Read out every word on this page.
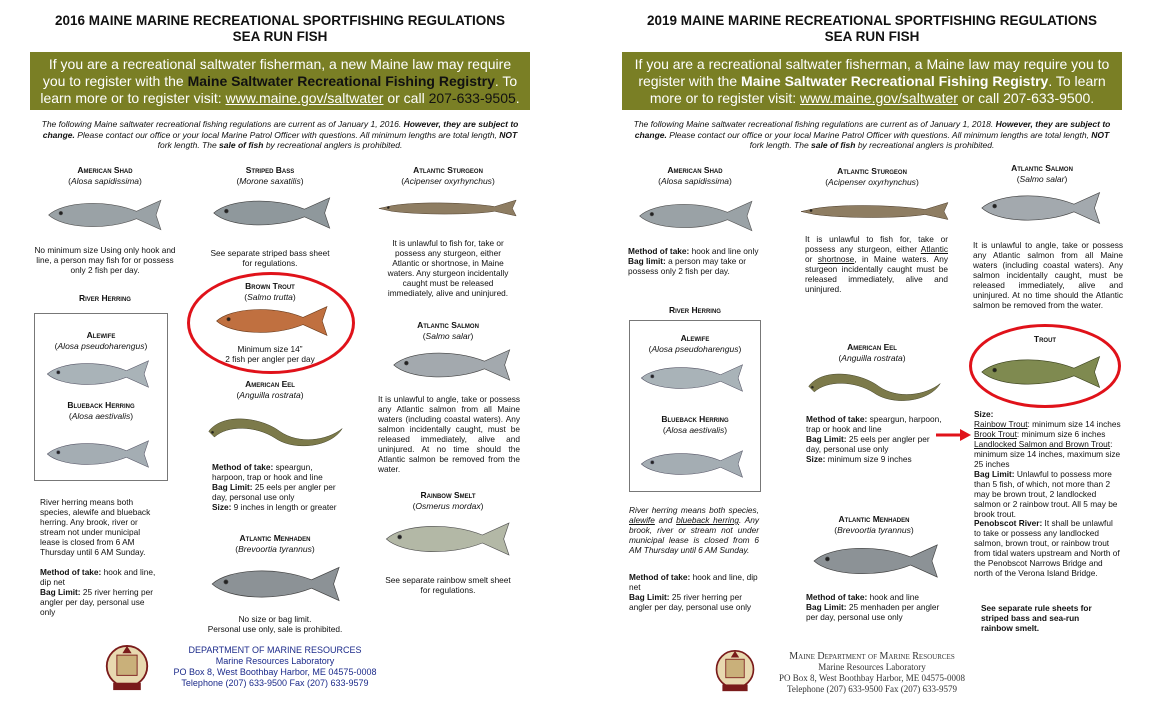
2016 MAINE MARINE RECREATIONAL SPORTFISHING REGULATIONS
SEA RUN FISH
If you are a recreational saltwater fisherman, a new Maine law may require you to register with the Maine Saltwater Recreational Fishing Registry. To learn more or to register visit: www.maine.gov/saltwater or call 207-633-9505.
The following Maine saltwater recreational fishing regulations are current as of January 1, 2016. However, they are subject to change. Please contact our office or your local Marine Patrol Officer with questions. All minimum lengths are total length, NOT fork length. The sale of fish by recreational anglers is prohibited.
American Shad
(Alosa sapidissima)
No minimum size Using only hook and line, a person may fish for or possess only 2 fish per day.
River Herring
Alewife
(Alosa pseudoharengus)
Blueback Herring
(Alosa aestivalis)
River herring means both species, alewife and blueback herring. Any brook, river or stream not under municipal lease is closed from 6 AM Thursday until 6 AM Sunday.
Method of take: hook and line, dip net
Bag Limit: 25 river herring per angler per day, personal use only
Striped Bass
(Morone saxatilis)
See separate striped bass sheet for regulations.
Brown Trout
(Salmo trutta)
Minimum size 14”
2 fish per angler per day
American Eel
(Anguilla rostrata)
Method of take: speargun, harpoon, trap or hook and line
Bag Limit: 25 eels per angler per day, personal use only
Size: 9 inches in length or greater
Atlantic Menhaden
(Brevoortia tyrannus)
No size or bag limit.
Personal use only, sale is prohibited.
Atlantic Sturgeon
(Acipenser oxyrhynchus)
It is unlawful to fish for, take or possess any sturgeon, either Atlantic or shortnose, in Maine waters. Any sturgeon incidentally caught must be released immediately, alive and uninjured.
Atlantic Salmon
(Salmo salar)
It is unlawful to angle, take or possess any Atlantic salmon from all Maine waters (including coastal waters). Any salmon incidentally caught, must be released immediately, alive and uninjured. At no time should the Atlantic salmon be removed from the water.
Rainbow Smelt
(Osmerus mordax)
See separate rainbow smelt sheet for regulations.
DEPARTMENT OF MARINE RESOURCES
Marine Resources Laboratory
PO Box 8, West Boothbay Harbor, ME 04575-0008
Telephone (207) 633-9500 Fax (207) 633-9579
2019 MAINE MARINE RECREATIONAL SPORTFISHING REGULATIONS
SEA RUN FISH
If you are a recreational saltwater fisherman, a Maine law may require you to register with the Maine Saltwater Recreational Fishing Registry. To learn more or to register visit: www.maine.gov/saltwater or call 207-633-9500.
The following Maine saltwater recreational fishing regulations are current as of January 1, 2018. However, they are subject to change. Please contact our office or your local Marine Patrol Officer with questions. All minimum lengths are total length, NOT fork length. The sale of fish by recreational anglers is prohibited.
American Shad
(Alosa sapidissima)
Method of take: hook and line only
Bag limit: a person may take or possess only 2 fish per day.
River Herring
Alewife
(Alosa pseudoharengus)
Blueback Herring
(Alosa aestivalis)
River herring means both species, alewife and blueback herring. Any brook, river or stream not under municipal lease is closed from 6 AM Thursday until 6 AM Sunday.
Method of take: hook and line, dip net
Bag Limit: 25 river herring per angler per day, personal use only
Atlantic Sturgeon
(Acipenser oxyrhynchus)
It is unlawful to fish for, take or possess any sturgeon, either Atlantic or shortnose, in Maine waters. Any sturgeon incidentally caught must be released immediately, alive and uninjured.
American Eel
(Anguilla rostrata)
Method of take: speargun, harpoon, trap or hook and line
Bag Limit: 25 eels per angler per day, personal use only
Size: minimum size 9 inches
Atlantic Menhaden
(Brevoortia tyrannus)
Method of take: hook and line
Bag Limit: 25 menhaden per angler per day, personal use only
Atlantic Salmon
(Salmo salar)
It is unlawful to angle, take or possess any Atlantic salmon from all Maine waters (including coastal waters). Any salmon incidentally caught, must be released immediately, alive and uninjured. At no time should the Atlantic salmon be removed from the water.
Trout
Size:
Rainbow Trout: minimum size 14 inches
Brook Trout: minimum size 6 inches
Landlocked Salmon and Brown Trout: minimum size 14 inches, maximum size 25 inches
Bag Limit: Unlawful to possess more than 5 fish, of which, not more than 2 may be brown trout, 2 landlocked salmon or 2 rainbow trout. All 5 may be brook trout.
Penobscot River: It shall be unlawful to take or possess any landlocked salmon, brown trout, or rainbow trout from tidal waters upstream and North of the Penobscot Narrows Bridge and north of the Verona Island Bridge.
See separate rule sheets for striped bass and sea-run rainbow smelt.
Maine Department of Marine Resources
Marine Resources Laboratory
PO Box 8, West Boothbay Harbor, ME 04575-0008
Telephone (207) 633-9500 Fax (207) 633-9579
